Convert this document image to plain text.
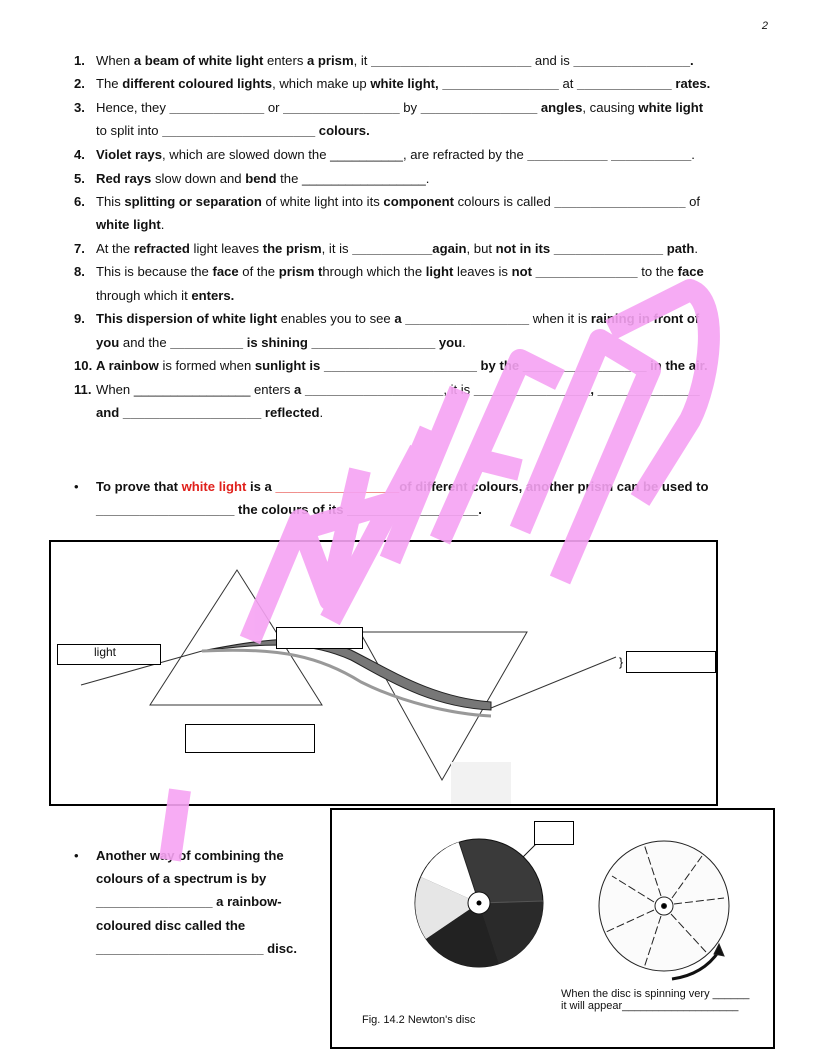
2
1. When a beam of white light enters a prism, it ______________________ and is ________________.
2. The different coloured lights, which make up white light, ________________ at _____________ rates.
3. Hence, they _____________ or ________________ by ________________ angles, causing white light
to split into _____________________ colours.
4. Violet rays, which are slowed down the __________, are refracted by the ___________ ___________.
5. Red rays slow down and bend the _________________.
6. This splitting or separation of white light into its component colours is called __________________ of
white light.
7. At the refracted light leaves the prism, it is ___________again, but not in its _______________ path.
8. This is because the face of the prism through which the light leaves is not ______________ to the face
through which it enters.
9. This dispersion of white light enables you to see a _________________ when it is raining in front of
you and the __________ is shining _________________ you.
10. A rainbow is formed when sunlight is _____________________ by the _________________ in the air.
11. When ________________ enters a ___________________, it is ________________, ______________
and ___________________ reflected.
• To prove that white light is a _________________of different colours, another prism can be used to
___________________ the colours of its __________________.
}
light
• Another way of combining the
colours of a spectrum is by
________________ a rainbow-
coloured disc called the
_______________________ disc.
When the disc is spinning very ______
it will appear___________________
Fig. 14.2 Newton's disc
